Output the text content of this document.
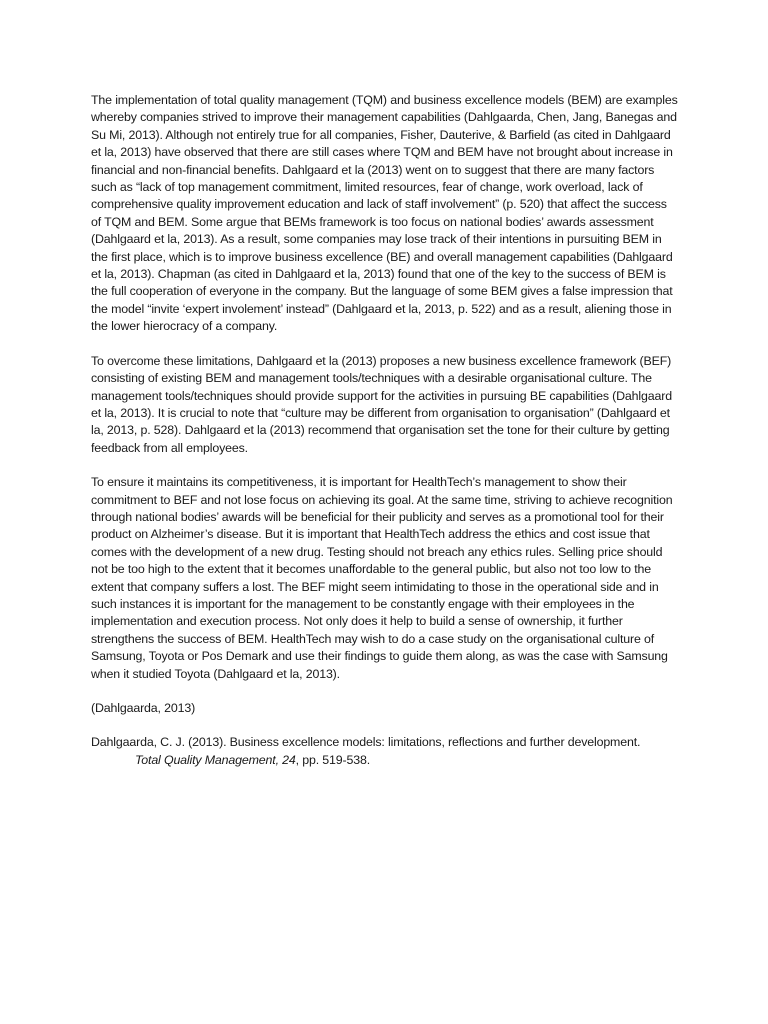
The implementation of total quality management (TQM) and business excellence models (BEM) are examples whereby companies strived to improve their management capabilities (Dahlgaarda, Chen, Jang, Banegas and Su Mi, 2013). Although not entirely true for all companies, Fisher, Dauterive, & Barfield (as cited in Dahlgaard et la, 2013) have observed that there are still cases where TQM and BEM have not brought about increase in financial and non-financial benefits. Dahlgaard et la (2013) went on to suggest that there are many factors such as “lack of top management commitment, limited resources, fear of change, work overload, lack of comprehensive quality improvement education and lack of staff involvement” (p. 520) that affect the success of TQM and BEM. Some argue that BEMs framework is too focus on national bodies’ awards assessment (Dahlgaard et la, 2013). As a result, some companies may lose track of their intentions in pursuiting BEM in the first place, which is to improve business excellence (BE) and overall management capabilities (Dahlgaard et la, 2013). Chapman (as cited in Dahlgaard et la, 2013) found that one of the key to the success of BEM is the full cooperation of everyone in the company. But the language of some BEM gives a false impression that the model “invite ‘expert involement’ instead” (Dahlgaard et la, 2013, p. 522) and as a result, aliening those in the lower hierocracy of a company.

To overcome these limitations, Dahlgaard et la (2013) proposes a new business excellence framework (BEF) consisting of existing BEM and management tools/techniques with a desirable organisational culture. The management tools/techniques should provide support for the activities in pursuing BE capabilities (Dahlgaard et la, 2013). It is crucial to note that “culture may be different from organisation to organisation” (Dahlgaard et la, 2013, p. 528). Dahlgaard et la (2013) recommend that organisation set the tone for their culture by getting feedback from all employees.

To ensure it maintains its competitiveness, it is important for HealthTech’s management to show their commitment to BEF and not lose focus on achieving its goal. At the same time, striving to achieve recognition through national bodies’ awards will be beneficial for their publicity and serves as a promotional tool for their product on Alzheimer’s disease. But it is important that HealthTech address the ethics and cost issue that comes with the development of a new drug. Testing should not breach any ethics rules. Selling price should not be too high to the extent that it becomes unaffordable to the general public, but also not too low to the extent that company suffers a lost. The BEF might seem intimidating to those in the operational side and in such instances it is important for the management to be constantly engage with their employees in the implementation and execution process. Not only does it help to build a sense of ownership, it further strengthens the success of BEM. HealthTech may wish to do a case study on the organisational culture of Samsung, Toyota or Pos Demark and use their findings to guide them along, as was the case with Samsung when it studied Toyota (Dahlgaard et la, 2013).

(Dahlgaarda, 2013)

Dahlgaarda, C. J. (2013). Business excellence models: limitations, reflections and further development.
Total Quality Management, 24, pp. 519-538.
